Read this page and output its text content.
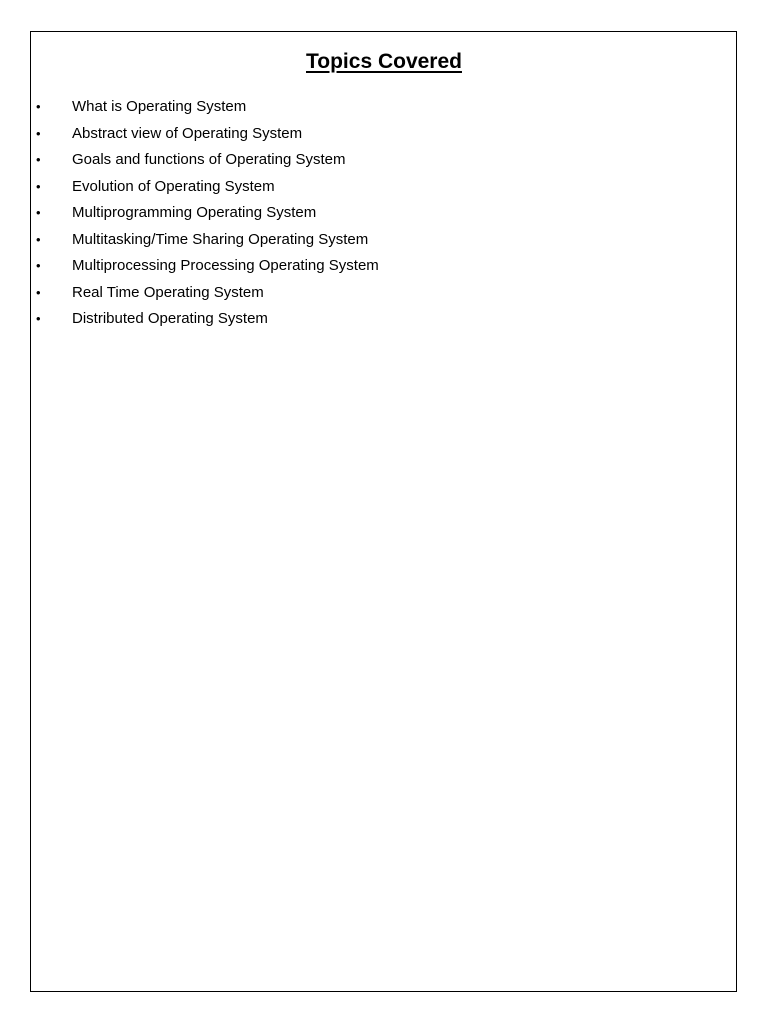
Topics Covered
• What is Operating System
• Abstract view of Operating System
• Goals and functions of Operating System
• Evolution of Operating System
• Multiprogramming Operating System
• Multitasking/Time Sharing Operating System
• Multiprocessing Processing Operating System
• Real Time Operating System
• Distributed Operating System
